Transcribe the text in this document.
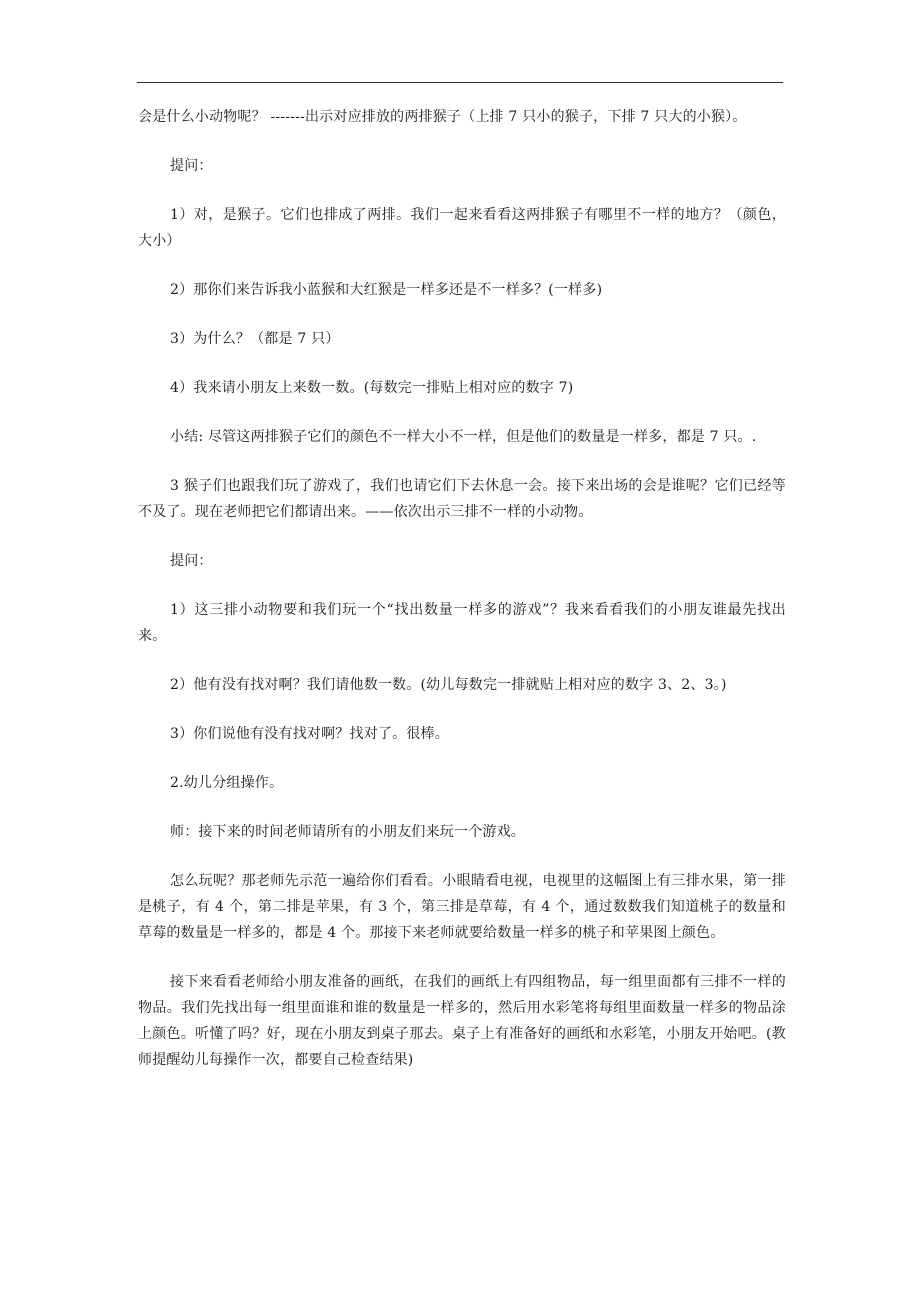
会是什么小动物呢？ -------出示对应排放的两排猴子（上排 7 只小的猴子，下排 7 只大的小猴）。

提问：

1）对，是猴子。它们也排成了两排。我们一起来看看这两排猴子有哪里不一样的地方？（颜色，大小）

2）那你们来告诉我小蓝猴和大红猴是一样多还是不一样多？(一样多)

3）为什么？（都是 7 只）

4）我来请小朋友上来数一数。(每数完一排贴上相对应的数字 7)

小结: 尽管这两排猴子它们的颜色不一样大小不一样，但是他们的数量是一样多，都是 7 只。.

3 猴子们也跟我们玩了游戏了，我们也请它们下去休息一会。接下来出场的会是谁呢？它们已经等不及了。现在老师把它们都请出来。——依次出示三排不一样的小动物。

提问：

1）这三排小动物要和我们玩一个“找出数量一样多的游戏”？我来看看我们的小朋友谁最先找出来。

2）他有没有找对啊？我们请他数一数。(幼儿每数完一排就贴上相对应的数字 3、2、3。)

3）你们说他有没有找对啊？找对了。很棒。

2.幼儿分组操作。

师：接下来的时间老师请所有的小朋友们来玩一个游戏。

怎么玩呢？那老师先示范一遍给你们看看。小眼睛看电视，电视里的这幅图上有三排水果，第一排是桃子，有 4 个，第二排是苹果，有 3 个，第三排是草莓，有 4 个，通过数数我们知道桃子的数量和草莓的数量是一样多的，都是 4 个。那接下来老师就要给数量一样多的桃子和苹果图上颜色。

接下来看看老师给小朋友准备的画纸，在我们的画纸上有四组物品，每一组里面都有三排不一样的物品。我们先找出每一组里面谁和谁的数量是一样多的，然后用水彩笔将每组里面数量一样多的物品涂上颜色。听懂了吗？好，现在小朋友到桌子那去。桌子上有准备好的画纸和水彩笔，小朋友开始吧。(教师提醒幼儿每操作一次，都要自己检查结果)
